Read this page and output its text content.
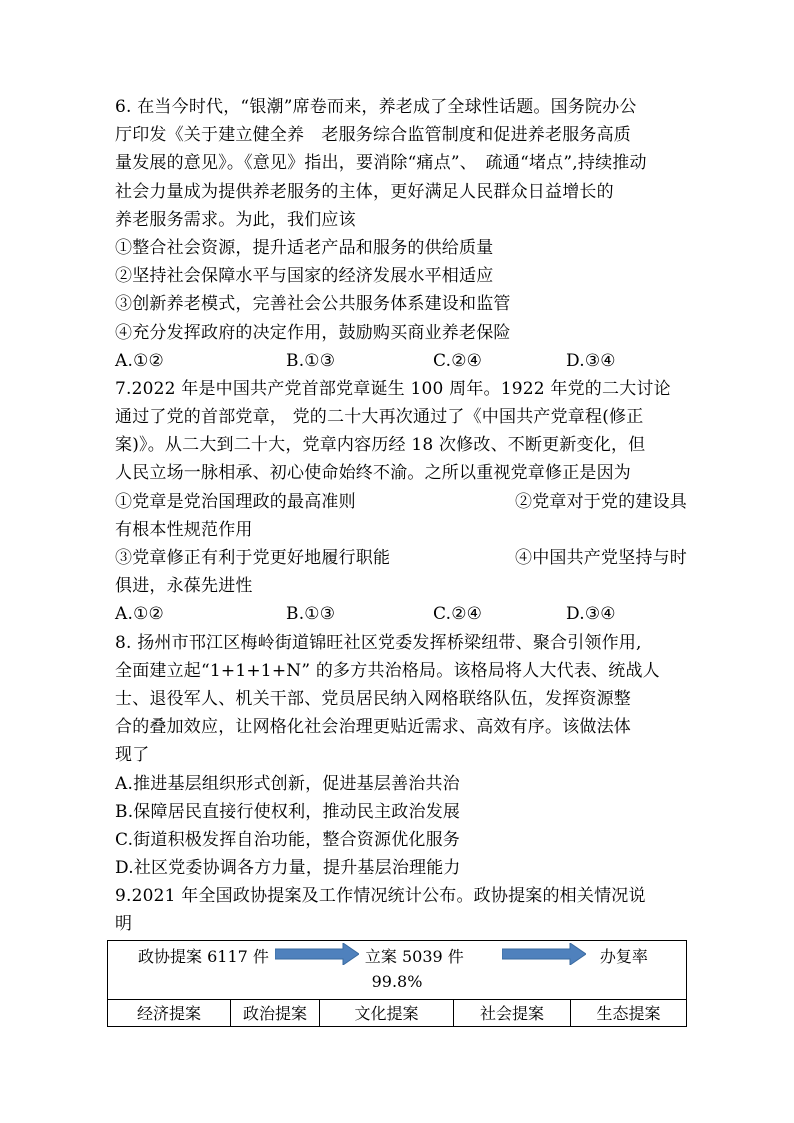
6. 在当今时代，“银潮”席卷而来，养老成了全球性话题。国务院办公
厅印发《关于建立健全养　老服务综合监管制度和促进养老服务高质
量发展的意见》。《意见》指出，要消除“痛点”、　疏通“堵点”,持续推动
社会力量成为提供养老服务的主体，更好满足人民群众日益增长的
养老服务需求。为此，我们应该
①整合社会资源，提升适老产品和服务的供给质量
②坚持社会保障水平与国家的经济发展水平相适应
③创新养老模式，完善社会公共服务体系建设和监管
④充分发挥政府的决定作用，鼓励购买商业养老保险
A.①②	B.①③	C.②④	D.③④
7.2022 年是中国共产党首部党章诞生 100 周年。1922 年党的二大讨论
通过了党的首部党章， 党的二十大再次通过了《中国共产党章程(修正
案)》。从二大到二十大，党章内容历经 18 次修改、不断更新变化，但
人民立场一脉相承、初心使命始终不渝。之所以重视党章修正是因为
①党章是党治国理政的最高准则	②党章对于党的建设具
有根本性规范作用
③党章修正有利于党更好地履行职能	④中国共产党坚持与时
俱进，永葆先进性
A.①②	B.①③	C.②④	D.③④
8. 扬州市邗江区梅岭街道锦旺社区党委发挥桥梁纽带、聚合引领作用,
全面建立起“1+1+1+N” 的多方共治格局。该格局将人大代表、统战人
士、退役军人、机关干部、党员居民纳入网格联络队伍，发挥资源整
合的叠加效应，让网格化社会治理更贴近需求、高效有序。该做法体
现了
A.推进基层组织形式创新，促进基层善治共治
B.保障居民直接行使权利，推动民主政治发展
C.街道积极发挥自治功能，整合资源优化服务
D.社区党委协调各方力量，提升基层治理能力
9.2021 年全国政协提案及工作情况统计公布。政协提案的相关情况说
明
政协提案 6117 件	立案 5039 件	办复率
99.8%

经济提案	政治提案	文化提案	社会提案	生态提案
